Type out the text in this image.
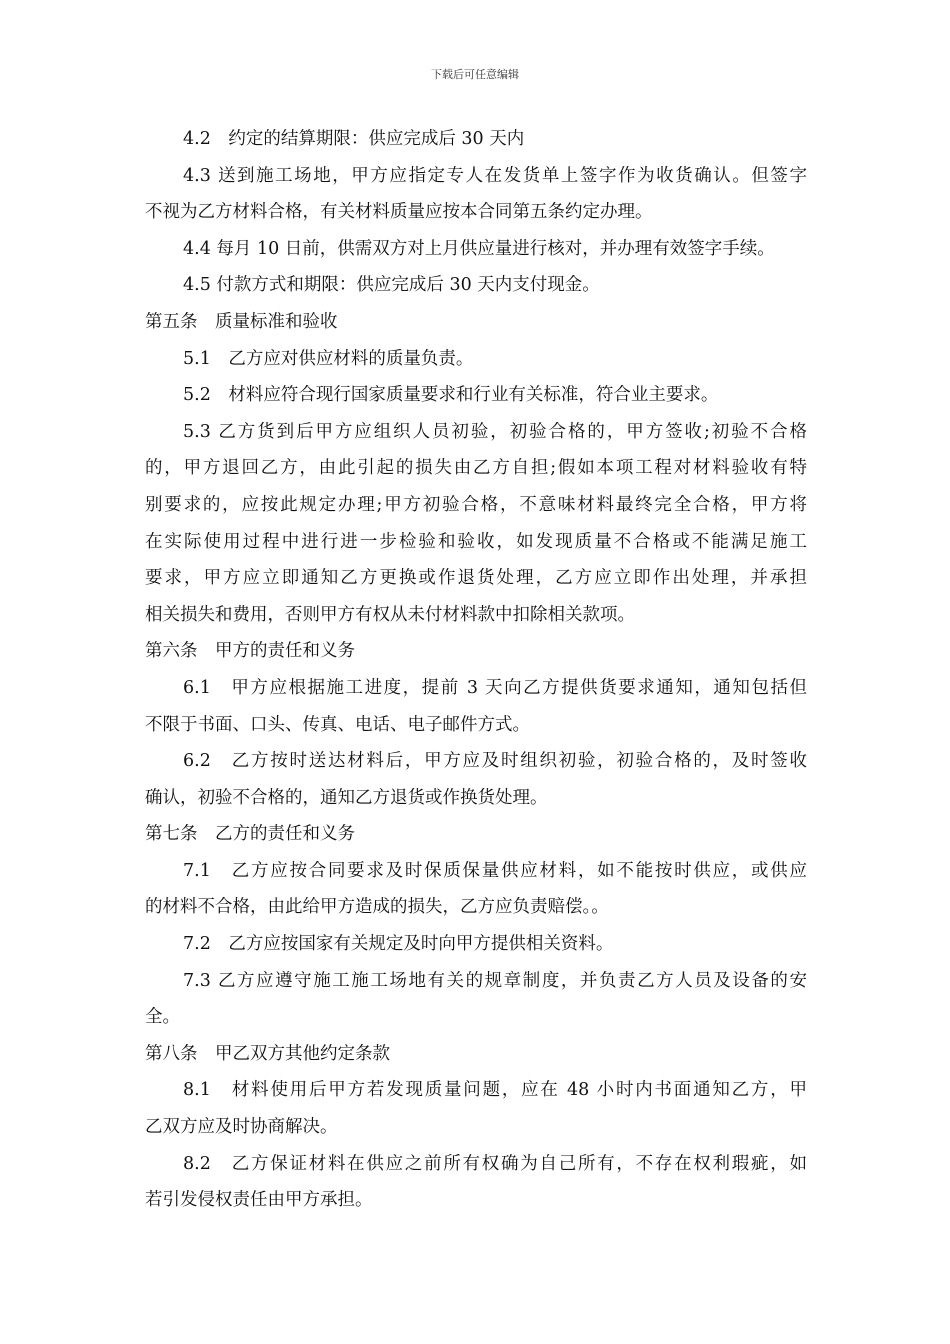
下载后可任意编辑
4.2　约定的结算期限：供应完成后 30 天内
4.3 送到施工场地，甲方应指定专人在发货单上签字作为收货确认。但签字
不视为乙方材料合格，有关材料质量应按本合同第五条约定办理。
4.4 每月 10 日前，供需双方对上月供应量进行核对，并办理有效签字手续。
4.5 付款方式和期限：供应完成后 30 天内支付现金。
第五条　质量标准和验收
5.1　乙方应对供应材料的质量负责。
5.2　材料应符合现行国家质量要求和行业有关标准，符合业主要求。
5.3 乙方货到后甲方应组织人员初验，初验合格的，甲方签收;初验不合格
的，甲方退回乙方，由此引起的损失由乙方自担;假如本项工程对材料验收有特
别要求的，应按此规定办理;甲方初验合格，不意味材料最终完全合格，甲方将
在实际使用过程中进行进一步检验和验收，如发现质量不合格或不能满足施工
要求，甲方应立即通知乙方更换或作退货处理，乙方应立即作出处理，并承担
相关损失和费用，否则甲方有权从未付材料款中扣除相关款项。
第六条　甲方的责任和义务
6.1　甲方应根据施工进度，提前 3 天向乙方提供货要求通知，通知包括但
不限于书面、口头、传真、电话、电子邮件方式。
6.2　乙方按时送达材料后，甲方应及时组织初验，初验合格的，及时签收
确认，初验不合格的，通知乙方退货或作换货处理。
第七条　乙方的责任和义务
7.1　乙方应按合同要求及时保质保量供应材料，如不能按时供应，或供应
的材料不合格，由此给甲方造成的损失，乙方应负责赔偿。。
7.2　乙方应按国家有关规定及时向甲方提供相关资料。
7.3 乙方应遵守施工施工场地有关的规章制度，并负责乙方人员及设备的安
全。
第八条　甲乙双方其他约定条款
8.1　材料使用后甲方若发现质量问题，应在 48 小时内书面通知乙方，甲
乙双方应及时协商解决。
8.2　乙方保证材料在供应之前所有权确为自己所有，不存在权利瑕疵，如
若引发侵权责任由甲方承担。
